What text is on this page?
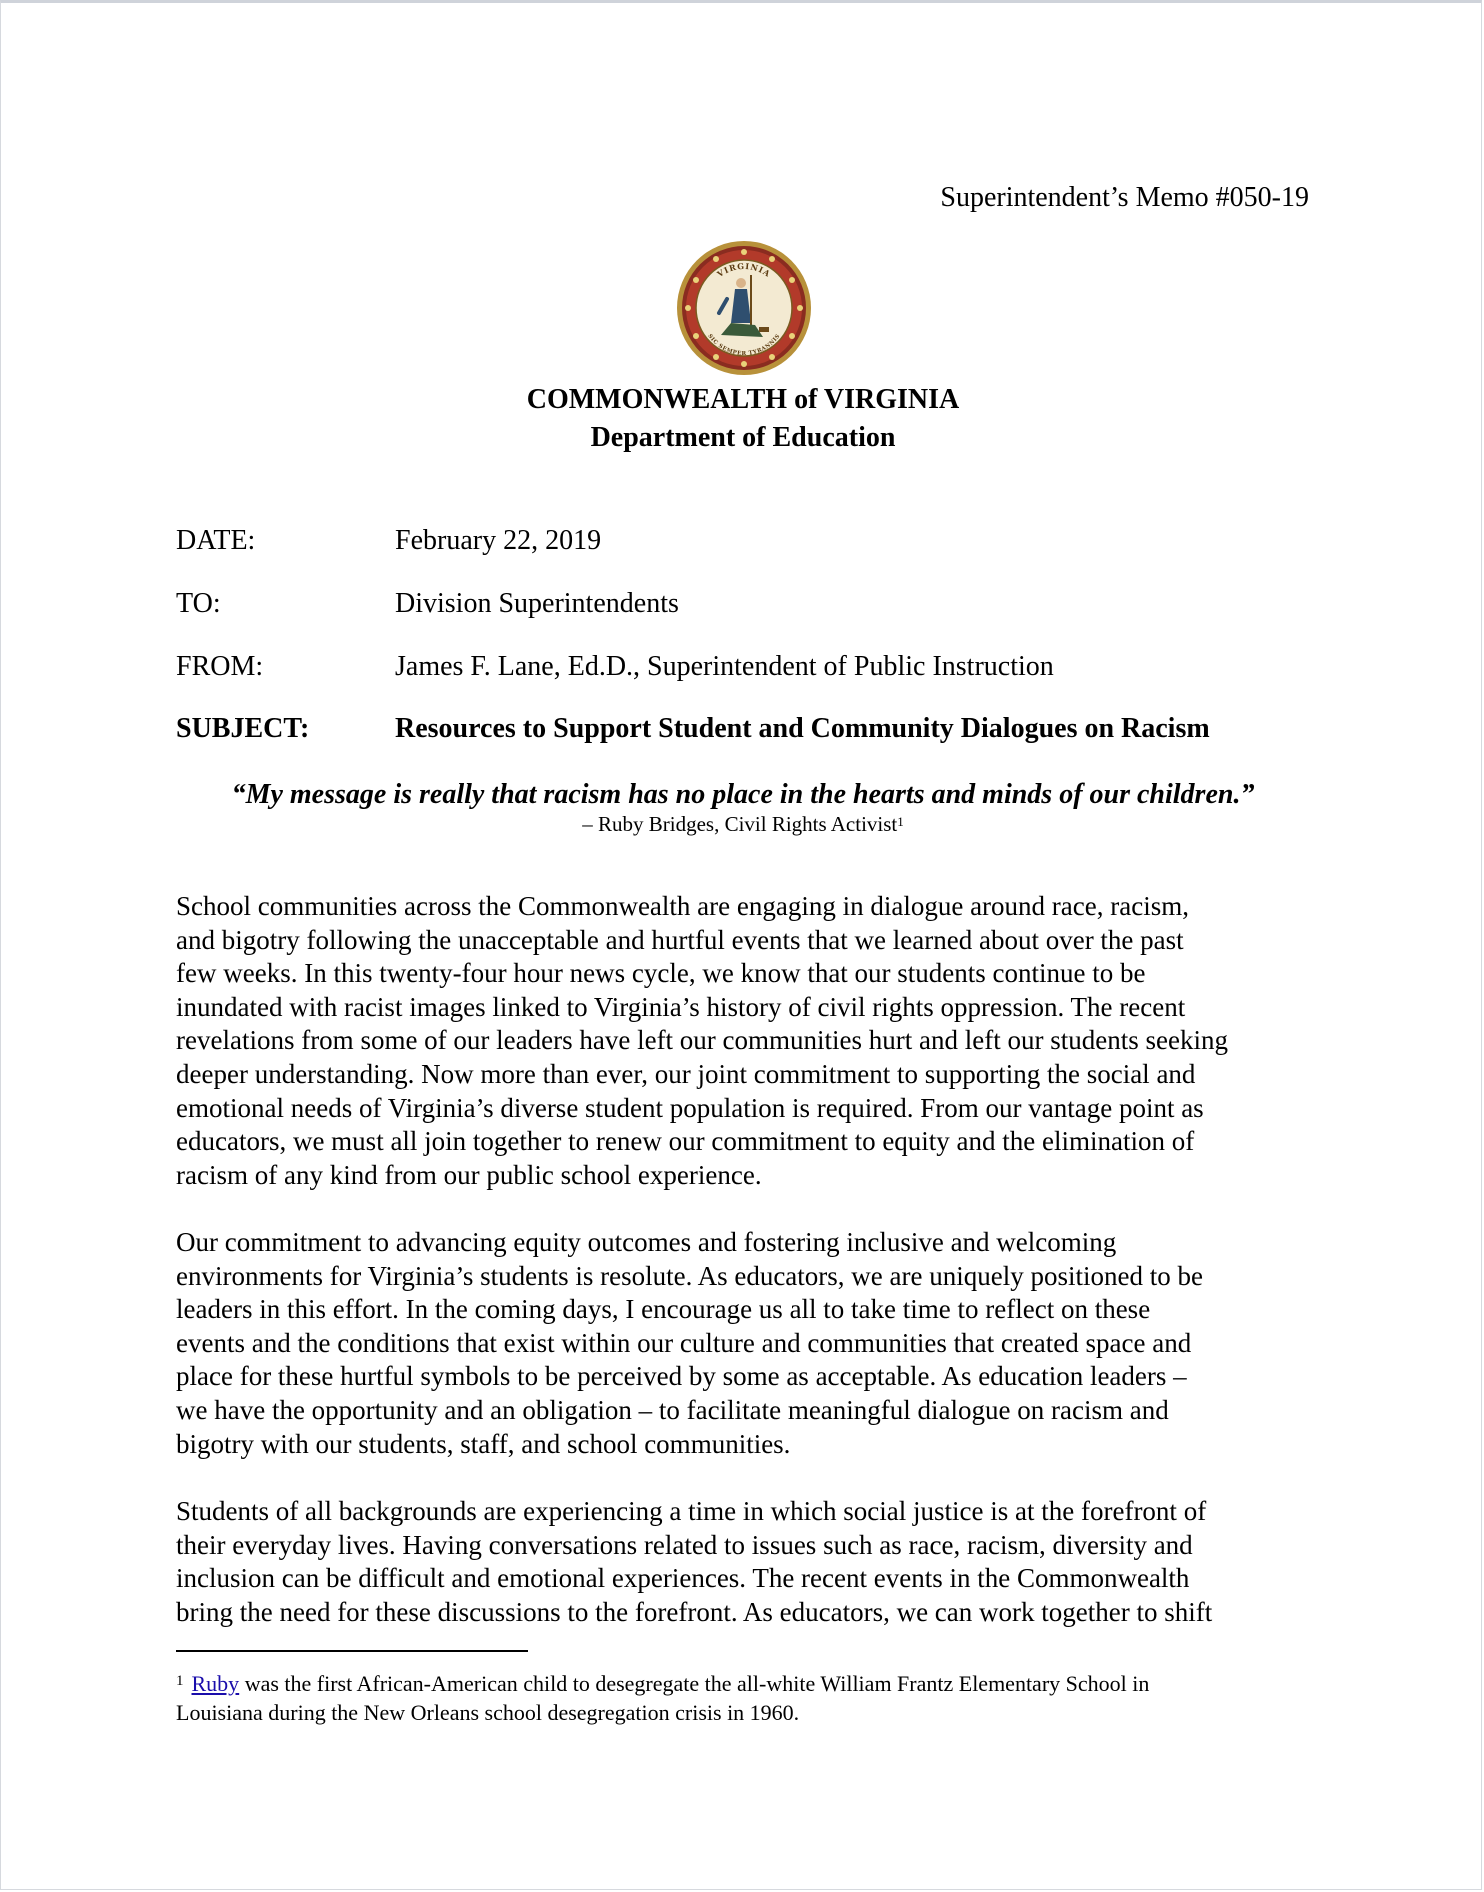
Superintendent’s Memo #050-19
VIRGINIA
SIC SEMPER TYRANNIS
COMMONWEALTH of VIRGINIA
Department of Education
DATE:	February 22, 2019
TO:	Division Superintendents
FROM:	James F. Lane, Ed.D., Superintendent of Public Instruction
SUBJECT:	Resources to Support Student and Community Dialogues on Racism
“My message is really that racism has no place in the hearts and minds of our children.”
– Ruby Bridges, Civil Rights Activist$^1$
School communities across the Commonwealth are engaging in dialogue around race, racism,
and bigotry following the unacceptable and hurtful events that we learned about over the past
few weeks. In this twenty-four hour news cycle, we know that our students continue to be
inundated with racist images linked to Virginia’s history of civil rights oppression. The recent
revelations from some of our leaders have left our communities hurt and left our students seeking
deeper understanding. Now more than ever, our joint commitment to supporting the social and
emotional needs of Virginia’s diverse student population is required. From our vantage point as
educators, we must all join together to renew our commitment to equity and the elimination of
racism of any kind from our public school experience.
Our commitment to advancing equity outcomes and fostering inclusive and welcoming
environments for Virginia’s students is resolute. As educators, we are uniquely positioned to be
leaders in this effort. In the coming days, I encourage us all to take time to reflect on these
events and the conditions that exist within our culture and communities that created space and
place for these hurtful symbols to be perceived by some as acceptable. As education leaders –
we have the opportunity and an obligation – to facilitate meaningful dialogue on racism and
bigotry with our students, staff, and school communities.
Students of all backgrounds are experiencing a time in which social justice is at the forefront of
their everyday lives. Having conversations related to issues such as race, racism, diversity and
inclusion can be difficult and emotional experiences. The recent events in the Commonwealth
bring the need for these discussions to the forefront. As educators, we can work together to shift
$^1$ Ruby was the first African-American child to desegregate the all-white William Frantz Elementary School in
Louisiana during the New Orleans school desegregation crisis in 1960.
